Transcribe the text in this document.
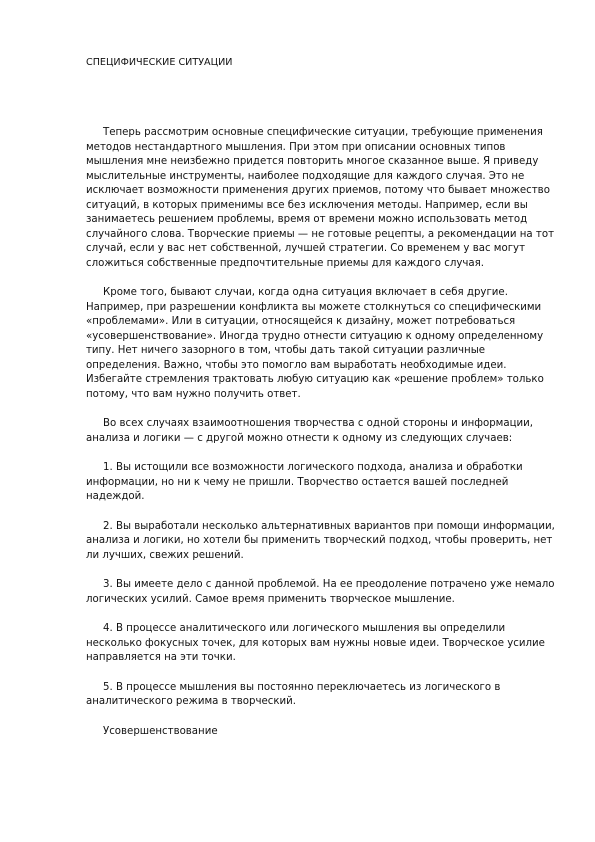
СПЕЦИФИЧЕСКИЕ СИТУАЦИИ

Теперь рассмотрим основные специфические ситуации, требующие применения методов нестандартного мышления. При этом при описании основных типов мышления мне неизбежно придется повторить многое сказанное выше. Я приведу мыслительные инструменты, наиболее подходящие для каждого случая. Это не исключает возможности применения других приемов, потому что бывает множество ситуаций, в которых применимы все без исключения методы. Например, если вы занимаетесь решением проблемы, время от времени можно использовать метод случайного слова. Творческие приемы — не готовые рецепты, а рекомендации на тот случай, если у вас нет собственной, лучшей стратегии. Со временем у вас могут сложиться собственные предпочтительные приемы для каждого случая.

Кроме того, бывают случаи, когда одна ситуация включает в себя другие. Например, при разрешении конфликта вы можете столкнуться со специфическими «проблемами». Или в ситуации, относящейся к дизайну, может потребоваться «усовершенствование». Иногда трудно отнести ситуацию к одному определенному типу. Нет ничего зазорного в том, чтобы дать такой ситуации различные определения. Важно, чтобы это помогло вам выработать необходимые идеи. Избегайте стремления трактовать любую ситуацию как «решение проблем» только потому, что вам нужно получить ответ.

Во всех случаях взаимоотношения творчества с одной стороны и информации, анализа и логики — с другой можно отнести к одному из следующих случаев:

1. Вы истощили все возможности логического подхода, анализа и обработки информации, но ни к чему не пришли. Творчество остается вашей последней надеждой.

2. Вы выработали несколько альтернативных вариантов при помощи информации, анализа и логики, но хотели бы применить творческий подход, чтобы проверить, нет ли лучших, свежих решений.

3. Вы имеете дело с данной проблемой. На ее преодоление потрачено уже немало логических усилий. Самое время применить творческое мышление.

4. В процессе аналитического или логического мышления вы определили несколько фокусных точек, для которых вам нужны новые идеи. Творческое усилие направляется на эти точки.

5. В процессе мышления вы постоянно переключаетесь из логического в аналитического режима в творческий.

Усовершенствование
